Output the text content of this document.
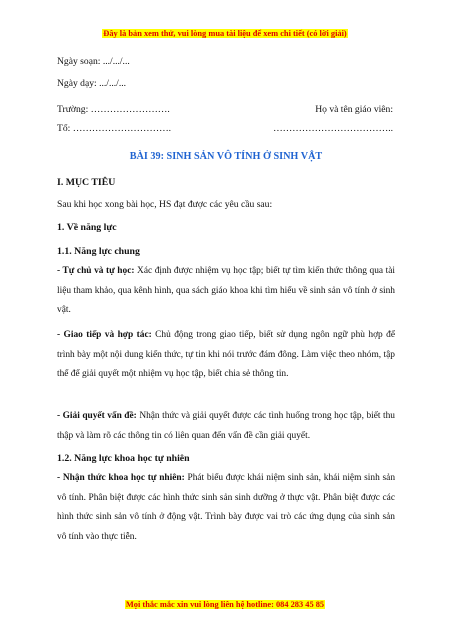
Đây là bản xem thử, vui lòng mua tài liệu để xem chi tiết (có lời giải)

Ngày soạn: .../.../...

Ngày dạy: .../.../...

Trường: …………………….	Họ và tên giáo viên:
Tổ: ………………………….	………………………………..
BÀI 39: SINH SẢN VÔ TÍNH Ở SINH VẬT
I. MỤC TIÊU

Sau khi học xong bài học, HS đạt được các yêu cầu sau:

1. Về năng lực
1.1. Năng lực chung

- Tự chủ và tự học: Xác định được nhiệm vụ học tập; biết tự tìm kiến thức thông qua tài liệu tham khảo, qua kênh hình, qua sách giáo khoa khi tìm hiểu về sinh sản vô tính ở sinh vật.

- Giao tiếp và hợp tác: Chủ động trong giao tiếp, biết sử dụng ngôn ngữ phù hợp để trình bày một nội dung kiến thức, tự tin khi nói trước đám đông. Làm việc theo nhóm, tập thể để giải quyết một nhiệm vụ học tập, biết chia sẻ thông tin.

- Giải quyết vấn đề: Nhận thức và giải quyết được các tình huống trong học tập, biết thu thập và làm rõ các thông tin có liên quan đến vấn đề cần giải quyết.

1.2. Năng lực khoa học tự nhiên

- Nhận thức khoa học tự nhiên: Phát biểu được khái niệm sinh sản, khái niệm sinh sản vô tính. Phân biệt được các hình thức sinh sản sinh dưỡng ở thực vật. Phân biệt được các hình thức sinh sản vô tính ở động vật. Trình bày được vai trò các ứng dụng của sinh sản vô tính vào thực tiễn.

Mọi thắc mắc xin vui lòng liên hệ hotline: 084 283 45 85
